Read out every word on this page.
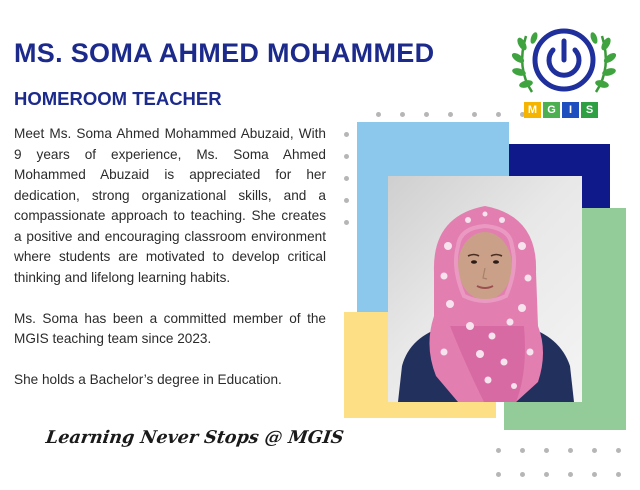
MS. SOMA AHMED MOHAMMED
HOMEROOM TEACHER

Meet Ms. Soma Ahmed Mohammed Abuzaid, With 9 years of experience, Ms. Soma Ahmed Mohammed Abuzaid is appreciated for her dedication, strong organizational skills, and a compassionate approach to teaching. She creates a positive and encouraging classroom environment where students are motivated to develop critical thinking and lifelong learning habits.

Ms. Soma has been a committed member of the MGIS teaching team since 2023.

She holds a Bachelor’s degree in Education.

Learning Never Stops @ MGIS
M G	I	S
